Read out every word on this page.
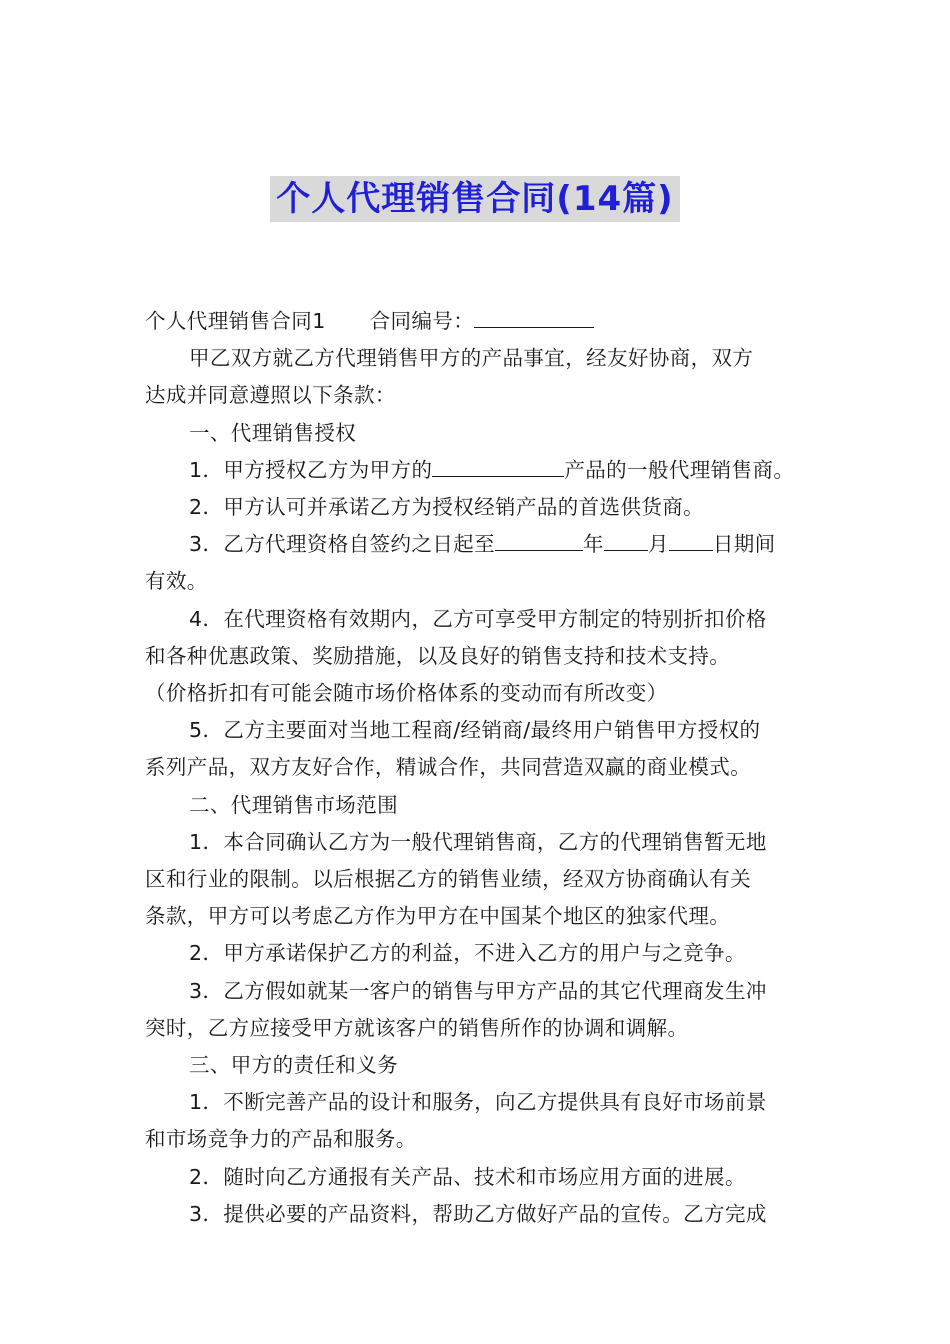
个人代理销售合同(14篇)
个人代理销售合同1 合同编号：
甲乙双方就乙方代理销售甲方的产品事宜，经友好协商，双方
达成并同意遵照以下条款：
一、代理销售授权
1．甲方授权乙方为甲方的	产品的一般代理销售商。
2．甲方认可并承诺乙方为授权经销产品的首选供货商。
3．乙方代理资格自签约之日起至	年 月 日期间
有效。
4．在代理资格有效期内，乙方可享受甲方制定的特别折扣价格
和各种优惠政策、奖励措施，以及良好的销售支持和技术支持。
（价格折扣有可能会随市场价格体系的变动而有所改变）
5．乙方主要面对当地工程商/经销商/最终用户销售甲方授权的
系列产品，双方友好合作，精诚合作，共同营造双赢的商业模式。
二、代理销售市场范围
1．本合同确认乙方为一般代理销售商，乙方的代理销售暂无地
区和行业的限制。以后根据乙方的销售业绩，经双方协商确认有关
条款，甲方可以考虑乙方作为甲方在中国某个地区的独家代理。
2．甲方承诺保护乙方的利益，不进入乙方的用户与之竞争。
3．乙方假如就某一客户的销售与甲方产品的其它代理商发生冲
突时，乙方应接受甲方就该客户的销售所作的协调和调解。
三、甲方的责任和义务
1．不断完善产品的设计和服务，向乙方提供具有良好市场前景
和市场竞争力的产品和服务。
2．随时向乙方通报有关产品、技术和市场应用方面的进展。
3．提供必要的产品资料，帮助乙方做好产品的宣传。乙方完成
